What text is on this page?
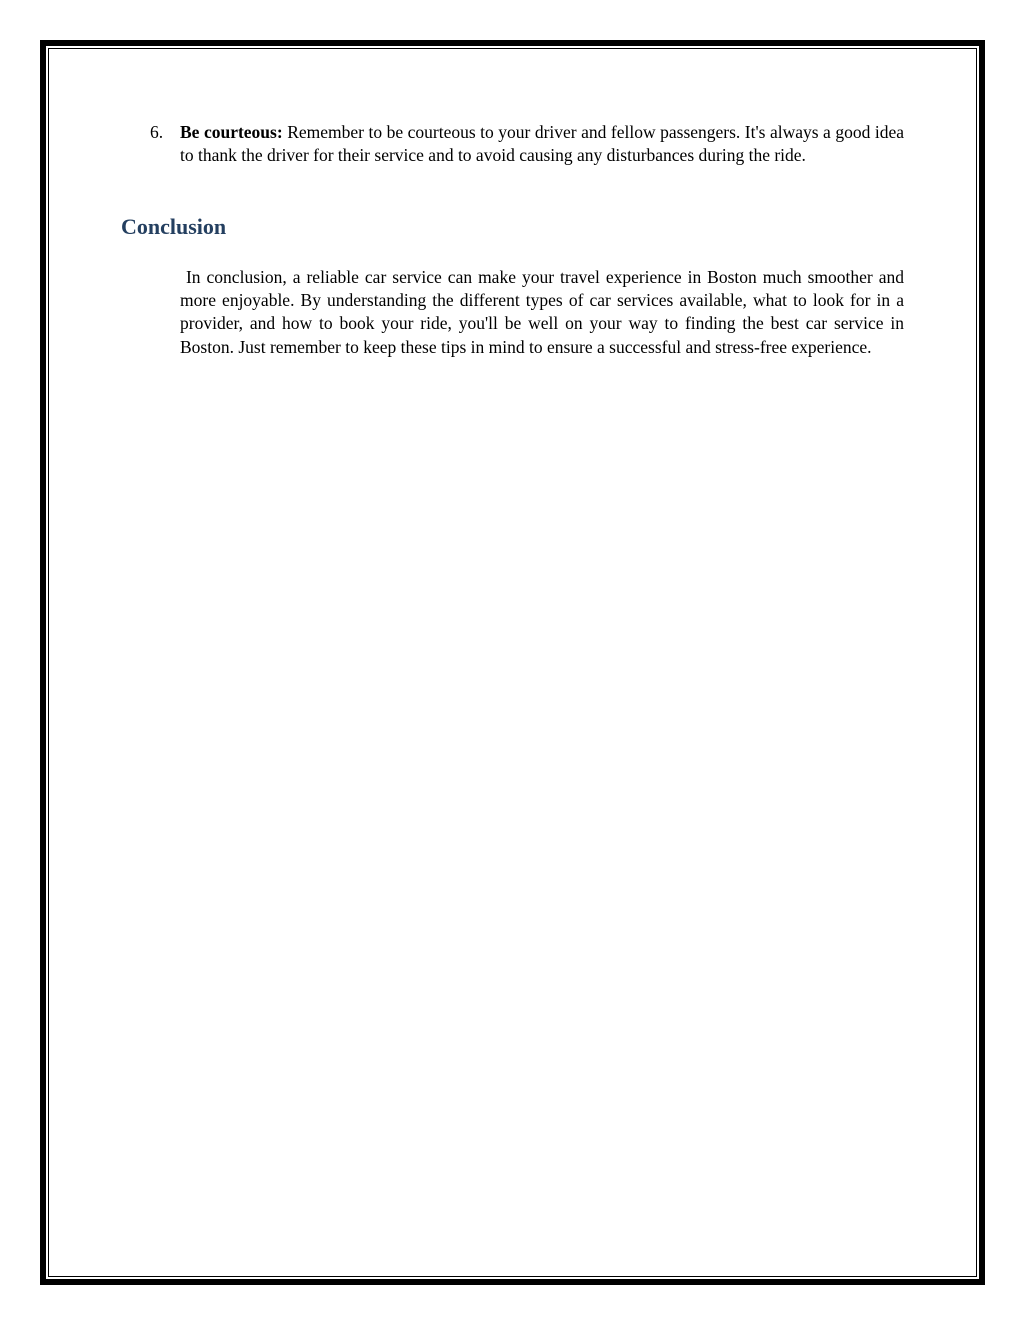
6. Be courteous: Remember to be courteous to your driver and fellow passengers. It's always a good idea to thank the driver for their service and to avoid causing any disturbances during the ride.
Conclusion

In conclusion, a reliable car service can make your travel experience in Boston much smoother and more enjoyable. By understanding the different types of car services available, what to look for in a provider, and how to book your ride, you'll be well on your way to finding the best car service in Boston. Just remember to keep these tips in mind to ensure a successful and stress-free experience.
